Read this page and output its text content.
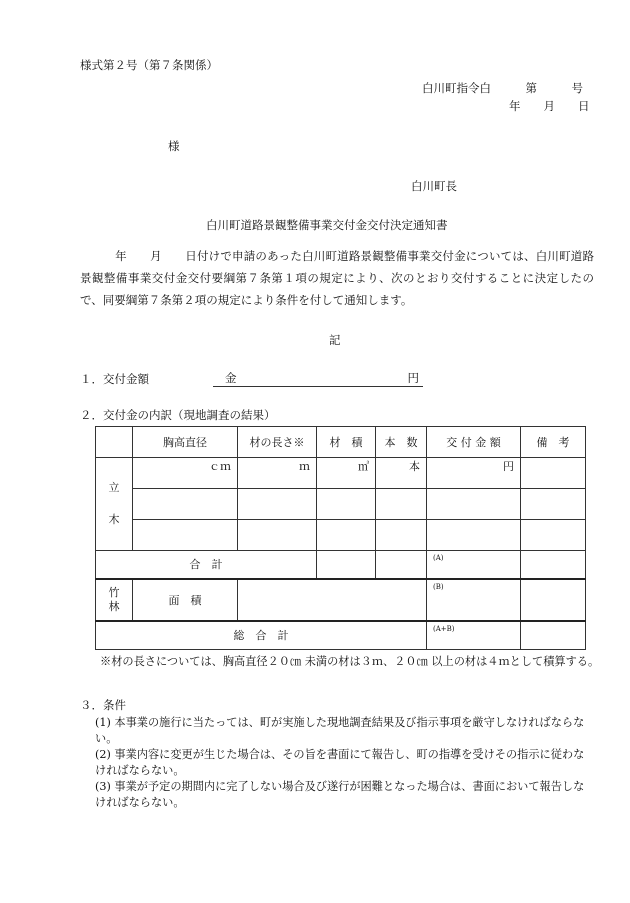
様式第２号（第７条関係）
白川町指令白　　　第　　　号
年　　月　　日
様
白川町長
白川町道路景観整備事業交付金交付決定通知書
　　　年　　月　　日付けで申請のあった白川町道路景観整備事業交付金については、白川町道路景観整備事業交付金交付要綱第７条第１項の規定により、次のとおり交付することに決定したので、同要綱第７条第２項の規定により条件を付して通知します。
記
１．交付金額	金	円
２．交付金の内訳（現地調査の結果）
	胸高直径	材の長さ※	材　積	本　数	交 付 金 額	備　考
立
木	ｃｍ	ｍ	㎥	本	円	

合　計					(A)	

竹
林	面　積				(B)	

総　合　計					(A+B)	

※材の長さについては、胸高直径２０㎝ 未満の材は３ｍ、２０㎝ 以上の材は４ｍとして積算する。
３．条件
(1) 本事業の施行に当たっては、町が実施した現地調査結果及び指示事項を厳守しなければならない。
(2) 事業内容に変更が生じた場合は、その旨を書面にて報告し、町の指導を受けその指示に従わなければならない。
(3) 事業が予定の期間内に完了しない場合及び遂行が困難となった場合は、書面において報告しなければならない。
